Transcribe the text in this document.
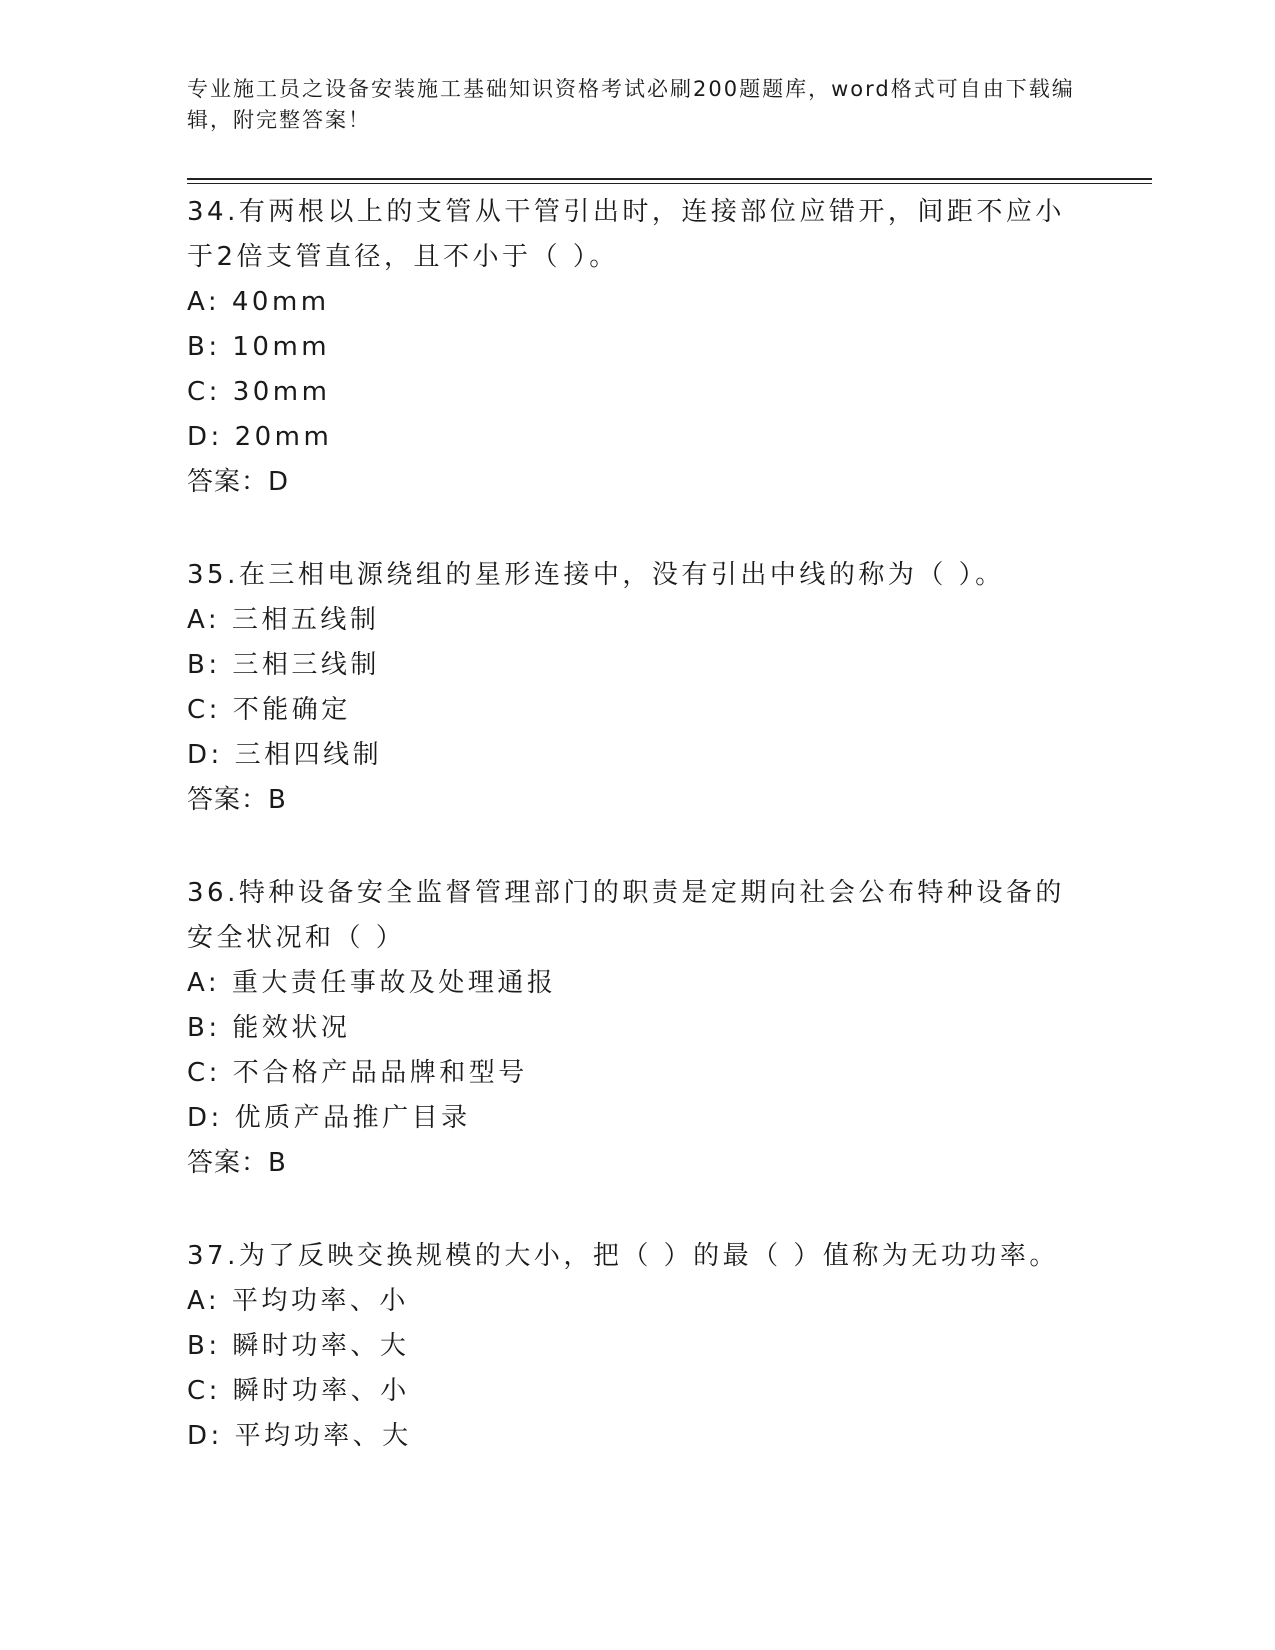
专业施工员之设备安装施工基础知识资格考试必刷200题题库，word格式可自由下载编辑，附完整答案！
34.有两根以上的支管从干管引出时，连接部位应错开，间距不应小于2倍支管直径，且不小于（ ）。
A: 40mm
B: 10mm
C: 30mm
D: 20mm
答案：D
35.在三相电源绕组的星形连接中，没有引出中线的称为（ ）。
A: 三相五线制
B: 三相三线制
C: 不能确定
D: 三相四线制
答案：B
36.特种设备安全监督管理部门的职责是定期向社会公布特种设备的安全状况和（ ）
A: 重大责任事故及处理通报
B: 能效状况
C: 不合格产品品牌和型号
D: 优质产品推广目录
答案：B
37.为了反映交换规模的大小，把（ ）的最（ ）值称为无功功率。
A: 平均功率、小
B: 瞬时功率、大
C: 瞬时功率、小
D: 平均功率、大
